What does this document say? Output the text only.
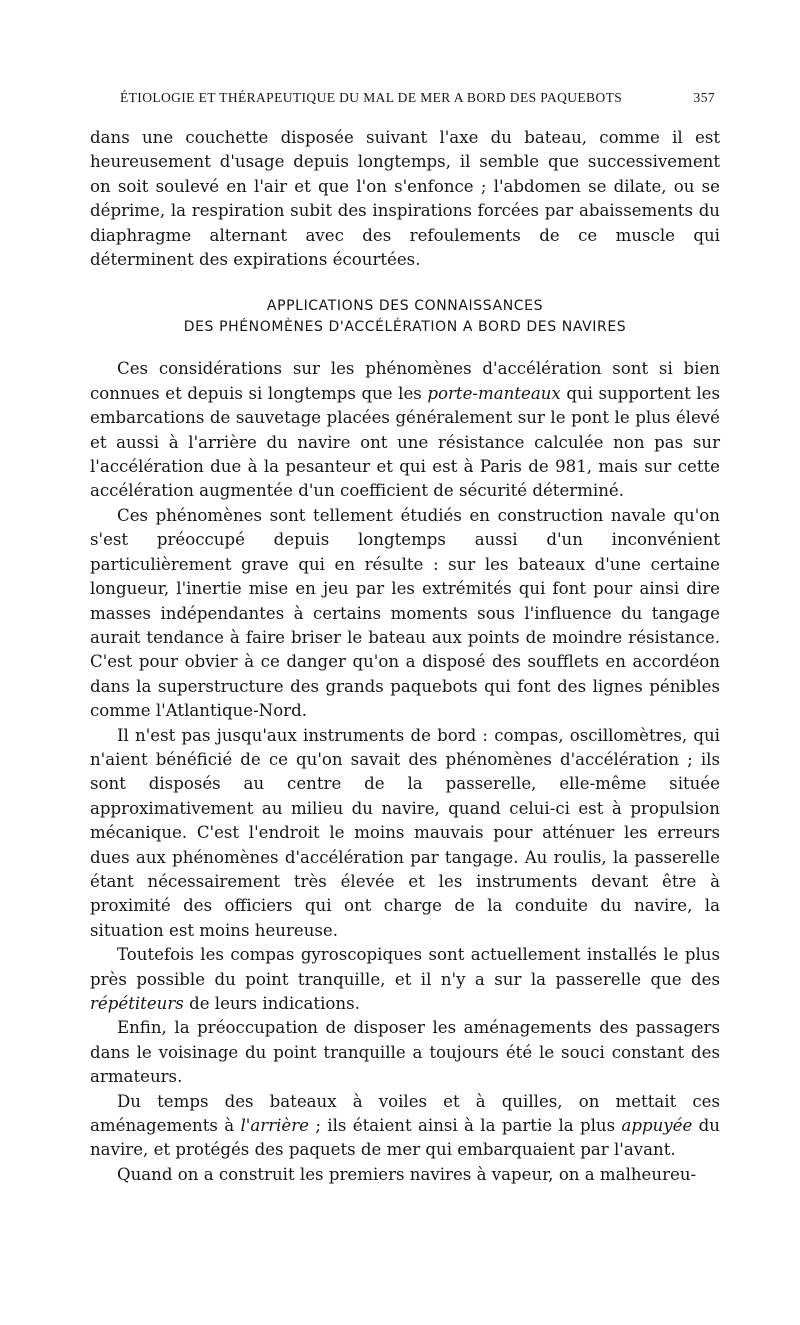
ÉTIOLOGIE ET THÉRAPEUTIQUE DU MAL DE MER A BORD DES PAQUEBOTS	357

dans une couchette disposée suivant l'axe du bateau, comme il est heureusement d'usage depuis longtemps, il semble que successivement on soit soulevé en l'air et que l'on s'enfonce ; l'abdomen se dilate, ou se déprime, la respiration subit des inspirations forcées par abaissements du diaphragme alternant avec des refoulements de ce muscle qui déterminent des expirations écourtées.

APPLICATIONS DES CONNAISSANCES
DES PHÉNOMÈNES D'ACCÉLÉRATION A BORD DES NAVIRES

Ces considérations sur les phénomènes d'accélération sont si bien connues et depuis si longtemps que les porte-manteaux qui supportent les embarcations de sauvetage placées généralement sur le pont le plus élevé et aussi à l'arrière du navire ont une résistance calculée non pas sur l'accélération due à la pesanteur et qui est à Paris de 981, mais sur cette accélération augmentée d'un coefficient de sécurité déterminé.

Ces phénomènes sont tellement étudiés en construction navale qu'on s'est préoccupé depuis longtemps aussi d'un inconvénient particulièrement grave qui en résulte : sur les bateaux d'une certaine longueur, l'inertie mise en jeu par les extrémités qui font pour ainsi dire masses indépendantes à certains moments sous l'influence du tangage aurait tendance à faire briser le bateau aux points de moindre résistance. C'est pour obvier à ce danger qu'on a disposé des soufflets en accordéon dans la superstructure des grands paquebots qui font des lignes pénibles comme l'Atlantique-Nord.

Il n'est pas jusqu'aux instruments de bord : compas, oscillomètres, qui n'aient bénéficié de ce qu'on savait des phénomènes d'accélération ; ils sont disposés au centre de la passerelle, elle-même située approximativement au milieu du navire, quand celui-ci est à propulsion mécanique. C'est l'endroit le moins mauvais pour atténuer les erreurs dues aux phénomènes d'accélération par tangage. Au roulis, la passerelle étant nécessairement très élevée et les instruments devant être à proximité des officiers qui ont charge de la conduite du navire, la situation est moins heureuse.

Toutefois les compas gyroscopiques sont actuellement installés le plus près possible du point tranquille, et il n'y a sur la passerelle que des répétiteurs de leurs indications.

Enfin, la préoccupation de disposer les aménagements des passagers dans le voisinage du point tranquille a toujours été le souci constant des armateurs.

Du temps des bateaux à voiles et à quilles, on mettait ces aménagements à l'arrière ; ils étaient ainsi à la partie la plus appuyée du navire, et protégés des paquets de mer qui embarquaient par l'avant.

Quand on a construit les premiers navires à vapeur, on a malheureu-
